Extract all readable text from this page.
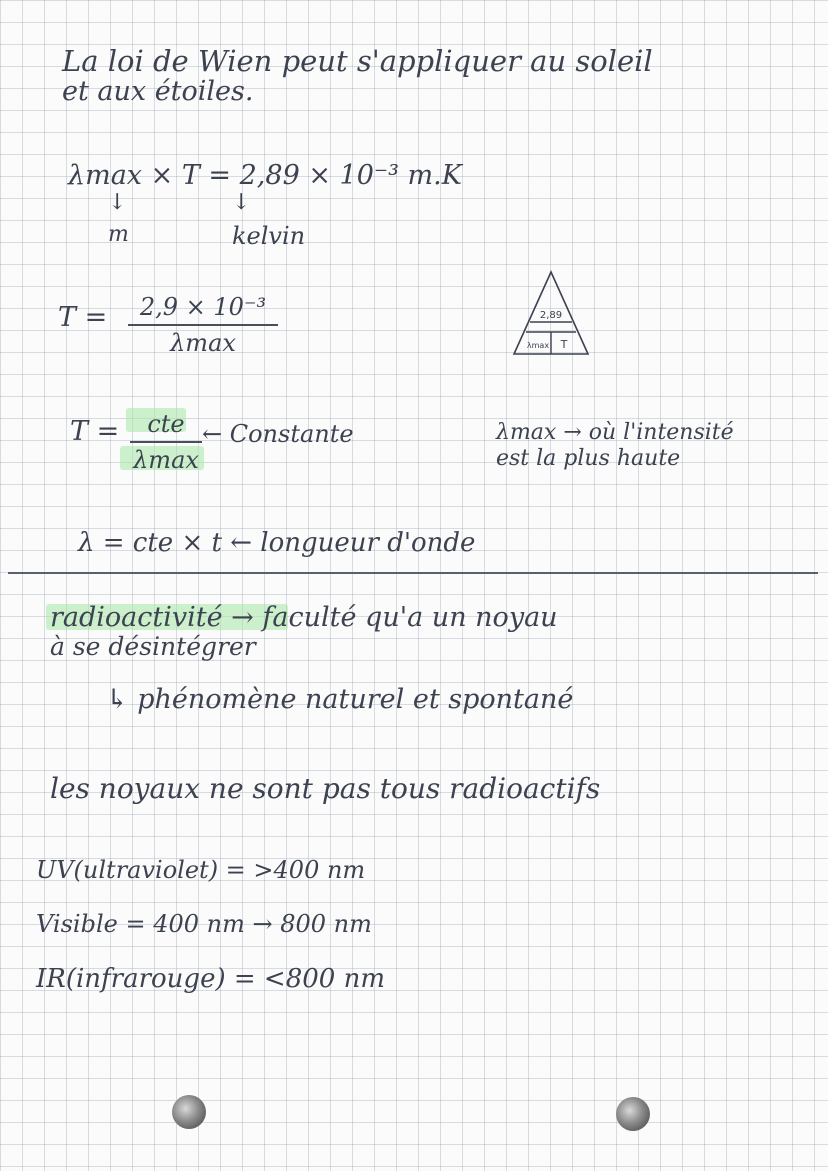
La loi de Wien peut s'appliquer au soleil
et aux étoiles.
λmax × T = 2,89 × 10⁻³ m.K
↓
m
↓
kelvin
T =	2,9 × 10⁻³
λmax
2,89
λmax T
T =	cte
λmax
← Constante	λmax → où l'intensité
est la plus haute
λ = cte × t ← longueur d'onde
radioactivité → faculté qu'a un noyau
à se désintégrer
↳ phénomène naturel et spontané
les noyaux ne sont pas tous radioactifs
UV(ultraviolet) = >400 nm
Visible = 400 nm → 800 nm
IR(infrarouge) = <800 nm
